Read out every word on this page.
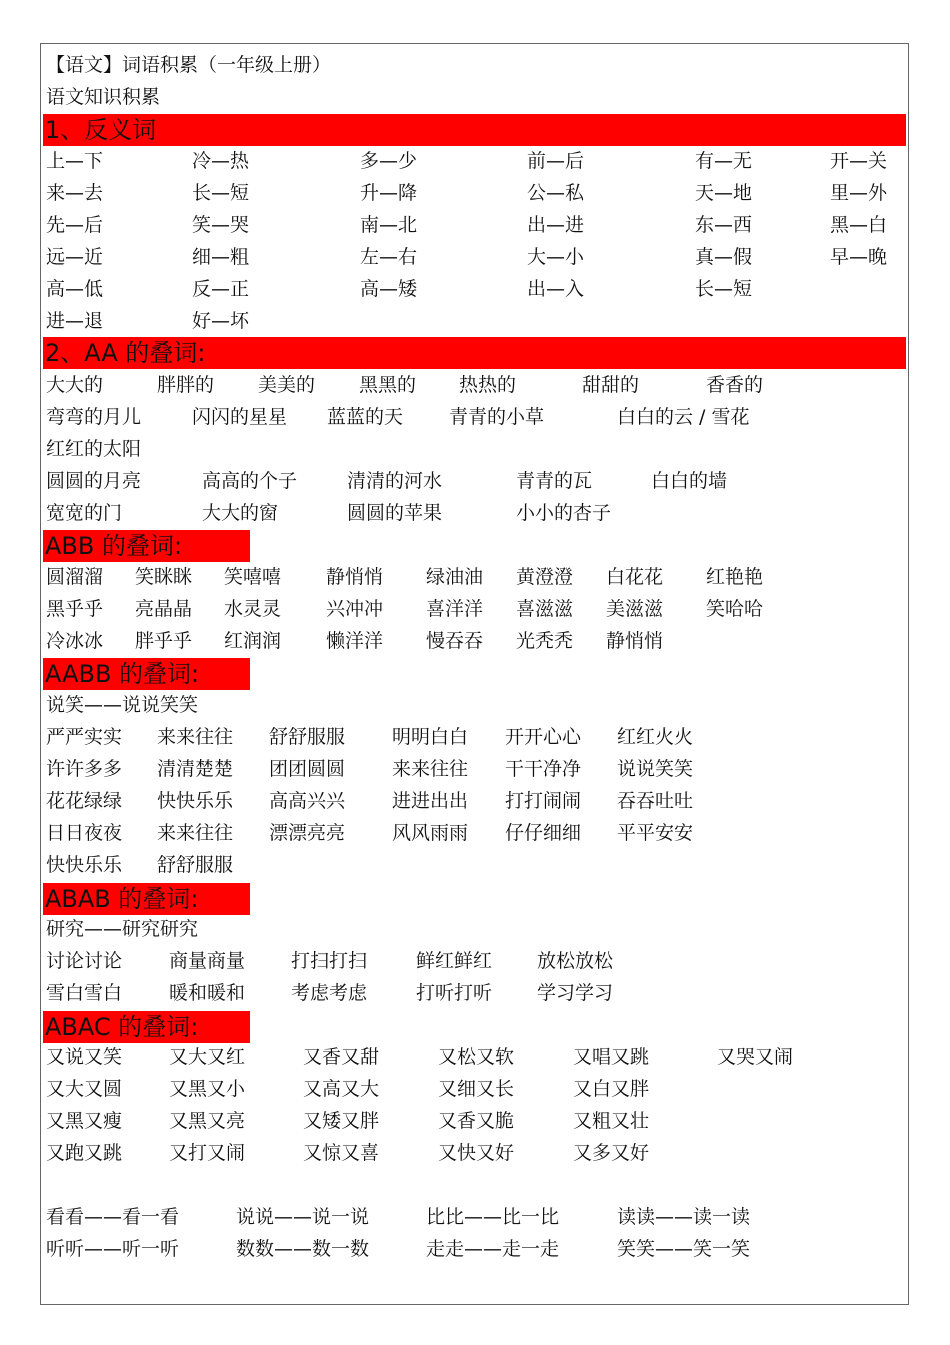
【语文】词语积累（一年级上册）
语文知识积累
1、反义词
上—下	冷—热	多—少	前—后	有—无	开—关
来—去	长—短	升—降	公—私	天—地	里—外
先—后	笑—哭	南—北	出—进	东—西	黑—白
远—近	细—粗	左—右	大—小	真—假	早—晚
高—低	反—正	高—矮	出—入	长—短
进—退	好—坏
2、AA 的叠词:
大大的	胖胖的 美美的 黑黑的 热热的	甜甜的	香香的
弯弯的月儿	闪闪的星星 蓝蓝的天 青青的小草	白白的云 / 雪花
红红的太阳
圆圆的月亮	高高的个子	清清的河水	青青的瓦	白白的墙
宽宽的门	大大的窗	圆圆的苹果	小小的杏子
圆溜溜 笑眯眯 笑嘻嘻 静悄悄 绿油油 黄澄澄 白花花 红艳艳
黑乎乎 亮晶晶 水灵灵 兴冲冲 喜洋洋 喜滋滋 美滋滋 笑哈哈
冷冰冰 胖乎乎 红润润 懒洋洋 慢吞吞 光秃秃 静悄悄
ABB 的叠词:
严严实实 来来往往 舒舒服服 明明白白 开开心心 红红火火
许许多多 清清楚楚 团团圆圆 来来往往 干干净净 说说笑笑
花花绿绿 快快乐乐 高高兴兴 进进出出 打打闹闹 吞吞吐吐
日日夜夜 来来往往 漂漂亮亮 风风雨雨 仔仔细细 平平安安
快快乐乐 舒舒服服
AABB 的叠词:
说笑——说说笑笑
讨论讨论 商量商量 打扫打扫	鲜红鲜红 放松放松
雪白雪白 暖和暖和 考虑考虑	打听打听 学习学习
ABAB 的叠词:
研究——研究研究
又说又笑 又大又红	又香又甜	又松又软	又唱又跳	又哭又闹
又大又圆 又黑又小	又高又大	又细又长	又白又胖
又黑又瘦 又黑又亮	又矮又胖	又香又脆	又粗又壮
又跑又跳 又打又闹	又惊又喜	又快又好	又多又好
ABAC 的叠词:
看看——看一看	说说——说一说	比比——比一比	读读——读一读
听听——听一听	数数——数一数	走走——走一走	笑笑——笑一笑
